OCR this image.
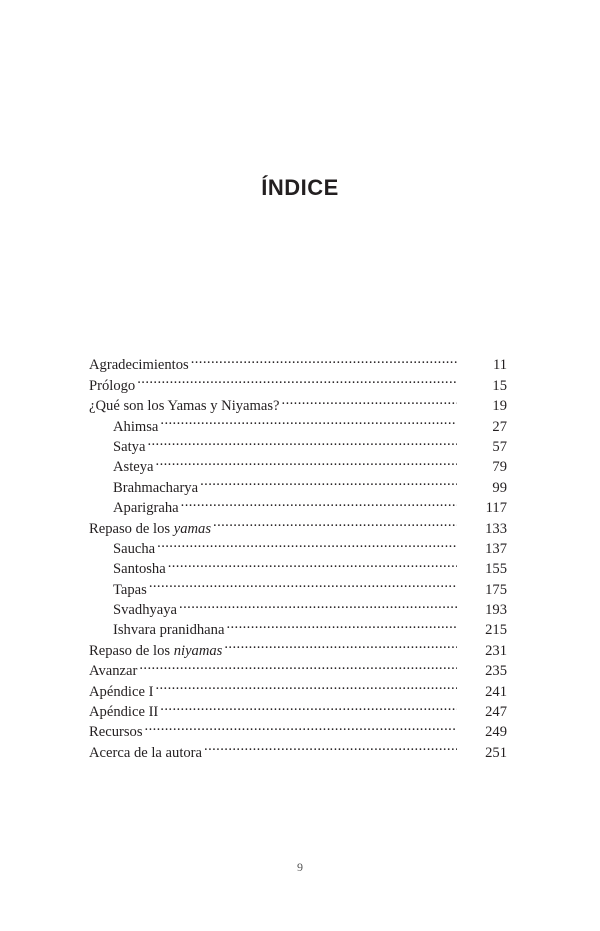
ÍNDICE
Agradecimientos .....	11
Prólogo .....	15
¿Qué son los Yamas y Niyamas? .....	19
Ahimsa .....	27
Satya .....	57
Asteya .....	79
Brahmacharya .....	99
Aparigraha .....	117
Repaso de los yamas .....	133
Saucha .....	137
Santosha .....	155
Tapas .....	175
Svadhyaya .....	193
Ishvara pranidhana .....	215
Repaso de los niyamas .....	231
Avanzar .....	235
Apéndice I .....	241
Apéndice II .....	247
Recursos .....	249
Acerca de la autora .....	251
9
